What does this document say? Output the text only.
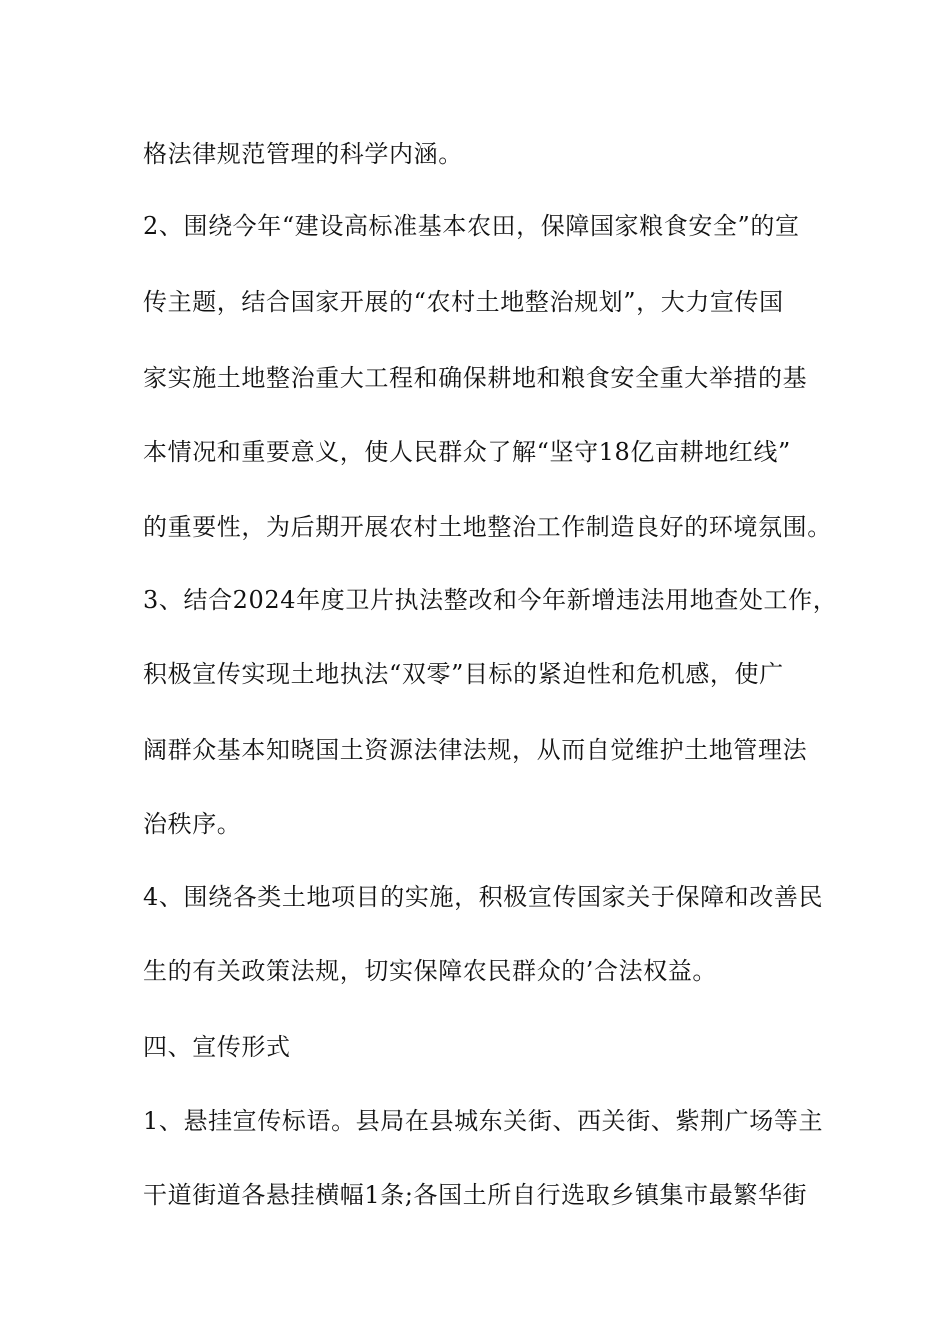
格法律规范管理的科学内涵。
2、围绕今年“建设高标准基本农田，保障国家粮食安全”的宣
传主题，结合国家开展的“农村土地整治规划”，大力宣传国
家实施土地整治重大工程和确保耕地和粮食安全重大举措的基
本情况和重要意义，使人民群众了解“坚守18亿亩耕地红线”
的重要性，为后期开展农村土地整治工作制造良好的环境氛围。
3、结合2024年度卫片执法整改和今年新增违法用地查处工作，
积极宣传实现土地执法“双零”目标的紧迫性和危机感，使广
阔群众基本知晓国土资源法律法规，从而自觉维护土地管理法
治秩序。
4、围绕各类土地项目的实施，积极宣传国家关于保障和改善民
生的有关政策法规，切实保障农民群众的’合法权益。
四、宣传形式
1、悬挂宣传标语。县局在县城东关街、西关街、紫荆广场等主
干道街道各悬挂横幅1条;各国土所自行选取乡镇集市最繁华街
